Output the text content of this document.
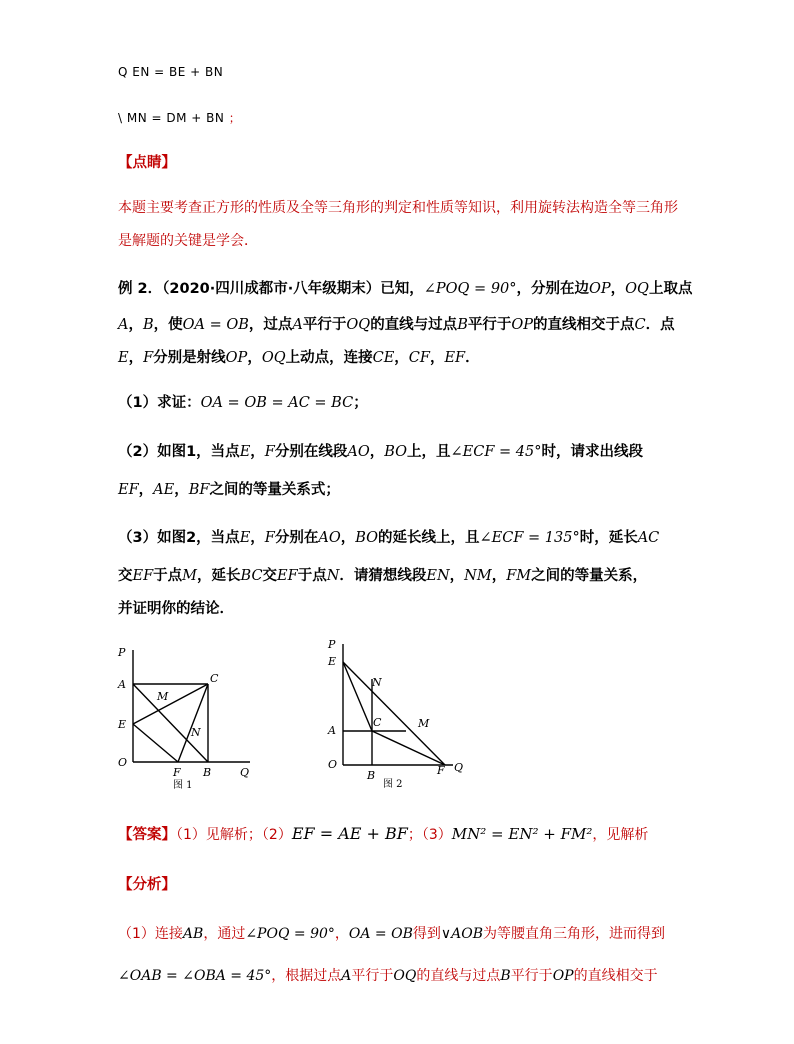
Q EN = BE + BN
\ MN = DM + BN ；
【点睛】
本题主要考查正方形的性质及全等三角形的判定和性质等知识，利用旋转法构造全等三角形
是解题的关键是学会．
例 2．（2020·四川成都市·八年级期末）已知，∠POQ = 90°，分别在边OP，OQ上取点
A，B，使OA = OB，过点A平行于OQ的直线与过点B平行于OP的直线相交于点C．点
E，F分别是射线OP，OQ上动点，连接CE，CF，EF．
（1）求证：OA = OB = AC = BC；
（2）如图1，当点E，F分别在线段AO，BO上，且∠ECF = 45°时，请求出线段
EF，AE，BF之间的等量关系式；
（3）如图2，当点E，F分别在AO，BO的延长线上，且∠ECF = 135°时，延长AC
交EF于点M，延长BC交EF于点N．请猜想线段EN，NM，FM之间的等量关系，
并证明你的结论．
P
A
E
O
F B	Q
C
M
N
图 1
P
E
N
A
C	M
O
B	F Q
图 2
【答案】（1）见解析；（2）EF = AE + BF；（3）MN² = EN² + FM²，见解析
【分析】
（1）连接AB，通过∠POQ = 90°，OA = OB得到∨AOB为等腰直角三角形，进而得到
∠OAB = ∠OBA = 45°，根据过点A平行于OQ的直线与过点B平行于OP的直线相交于
